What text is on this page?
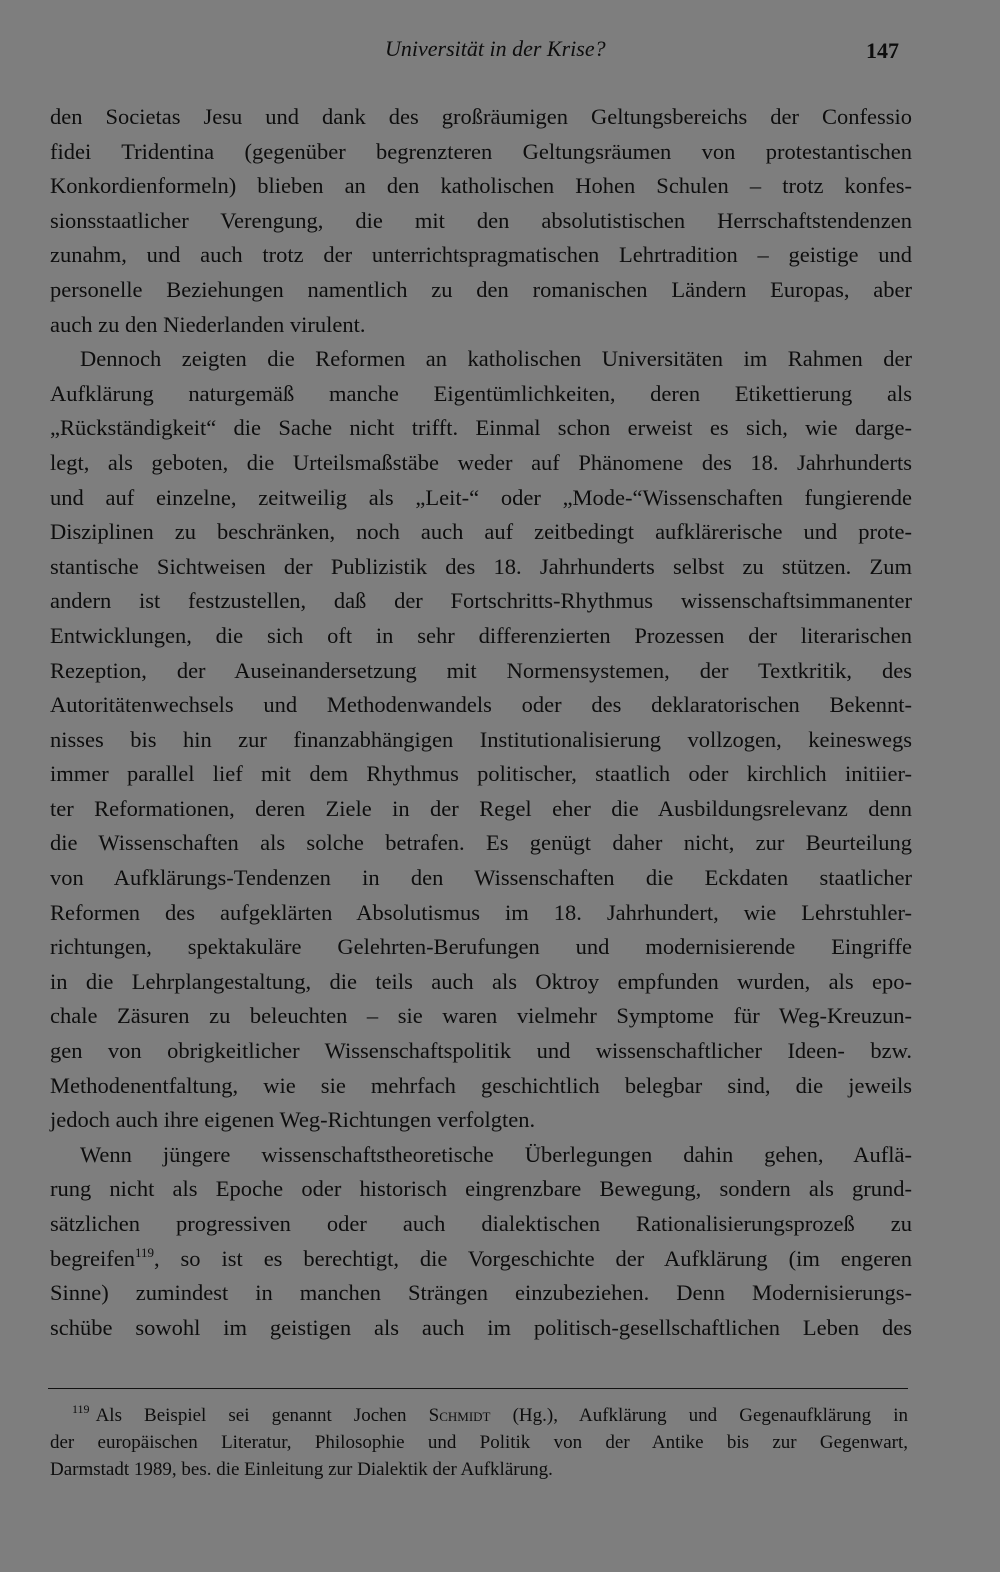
Universität in der Krise?	147
den Societas Jesu und dank des großräumigen Geltungsbereichs der Confessio
fidei Tridentina (gegenüber begrenzteren Geltungsräumen von protestantischen
Konkordienformeln) blieben an den katholischen Hohen Schulen – trotz konfes-
sionsstaatlicher Verengung, die mit den absolutistischen Herrschaftstendenzen
zunahm, und auch trotz der unterrichtspragmatischen Lehrtradition – geistige und
personelle Beziehungen namentlich zu den romanischen Ländern Europas, aber
auch zu den Niederlanden virulent.
Dennoch zeigten die Reformen an katholischen Universitäten im Rahmen der
Aufklärung naturgemäß manche Eigentümlichkeiten, deren Etikettierung als
„Rückständigkeit“ die Sache nicht trifft. Einmal schon erweist es sich, wie darge-
legt, als geboten, die Urteilsmaßstäbe weder auf Phänomene des 18. Jahrhunderts
und auf einzelne, zeitweilig als „Leit-“ oder „Mode-“Wissenschaften fungierende
Disziplinen zu beschränken, noch auch auf zeitbedingt aufklärerische und prote-
stantische Sichtweisen der Publizistik des 18. Jahrhunderts selbst zu stützen. Zum
andern ist festzustellen, daß der Fortschritts-Rhythmus wissenschaftsimmanenter
Entwicklungen, die sich oft in sehr differenzierten Prozessen der literarischen
Rezeption, der Auseinandersetzung mit Normensystemen, der Textkritik, des
Autoritätenwechsels und Methodenwandels oder des deklaratorischen Bekennt-
nisses bis hin zur finanzabhängigen Institutionalisierung vollzogen, keineswegs
immer parallel lief mit dem Rhythmus politischer, staatlich oder kirchlich initiier-
ter Reformationen, deren Ziele in der Regel eher die Ausbildungsrelevanz denn
die Wissenschaften als solche betrafen. Es genügt daher nicht, zur Beurteilung
von Aufklärungs-Tendenzen in den Wissenschaften die Eckdaten staatlicher
Reformen des aufgeklärten Absolutismus im 18. Jahrhundert, wie Lehrstuhler-
richtungen, spektakuläre Gelehrten-Berufungen und modernisierende Eingriffe
in die Lehrplangestaltung, die teils auch als Oktroy empfunden wurden, als epo-
chale Zäsuren zu beleuchten – sie waren vielmehr Symptome für Weg-Kreuzun-
gen von obrigkeitlicher Wissenschaftspolitik und wissenschaftlicher Ideen- bzw.
Methodenentfaltung, wie sie mehrfach geschichtlich belegbar sind, die jeweils
jedoch auch ihre eigenen Weg-Richtungen verfolgten.
Wenn jüngere wissenschaftstheoretische Überlegungen dahin gehen, Auflä-
rung nicht als Epoche oder historisch eingrenzbare Bewegung, sondern als grund-
sätzlichen progressiven oder auch dialektischen Rationalisierungsprozeß zu
begreifen$^{119}$, so ist es berechtigt, die Vorgeschichte der Aufklärung (im engeren
Sinne) zumindest in manchen Strängen einzubeziehen. Denn Modernisierungs-
schübe sowohl im geistigen als auch im politisch-gesellschaftlichen Leben des
$^{119}$ Als Beispiel sei genannt Jochen Schmidt (Hg.), Aufklärung und Gegenaufklärung in
der europäischen Literatur, Philosophie und Politik von der Antike bis zur Gegenwart,
Darmstadt 1989, bes. die Einleitung zur Dialektik der Aufklärung.
